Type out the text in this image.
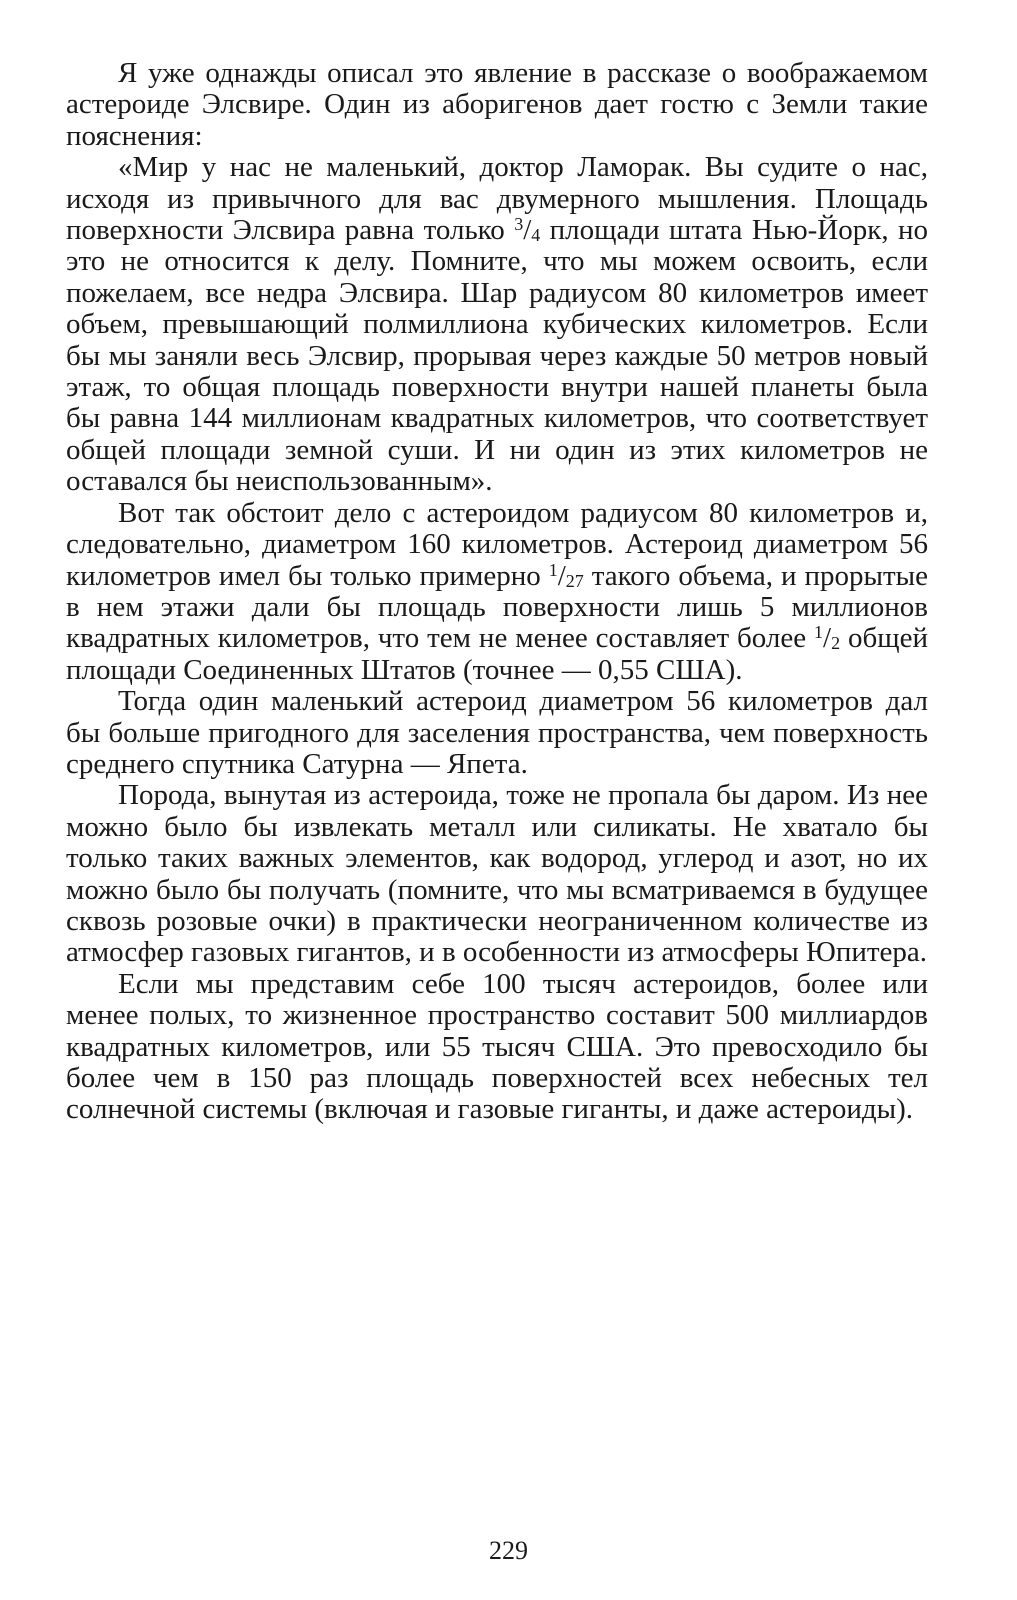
Я уже однажды описал это явление в рассказе о воображаемом астероиде Элсвире. Один из аборигенов дает гостю с Земли такие пояснения:

«Мир у нас не маленький, доктор Ламорак. Вы судите о нас, исходя из привычного для вас двумерного мышления. Площадь поверхности Элсвира равна только $^3/_4$ площади штата Нью-Йорк, но это не относится к делу. Помните, что мы можем освоить, если пожелаем, все недра Элсвира. Шар радиусом 80 километров имеет объем, превышающий полмиллиона кубических километров. Если бы мы заняли весь Элсвир, прорывая через каждые 50 метров новый этаж, то общая площадь поверхности внутри нашей планеты была бы равна 144 миллионам квадратных километров, что соответствует общей площади земной суши. И ни один из этих километров не оставался бы неиспользованным».

Вот так обстоит дело с астероидом радиусом 80 километров и, следовательно, диаметром 160 километров. Астероид диаметром 56 километров имел бы только примерно $^1/_{27}$ такого объема, и прорытые в нем этажи дали бы площадь поверхности лишь 5 миллионов квадратных километров, что тем не менее составляет более $^1/_2$ общей площади Соединенных Штатов (точнее — 0,55 США).

Тогда один маленький астероид диаметром 56 километров дал бы больше пригодного для заселения пространства, чем поверхность среднего спутника Сатурна — Япета.

Порода, вынутая из астероида, тоже не пропала бы даром. Из нее можно было бы извлекать металл или силикаты. Не хватало бы только таких важных элементов, как водород, углерод и азот, но их можно было бы получать (помните, что мы всматриваемся в будущее сквозь розовые очки) в практически неограниченном количестве из атмосфер газовых гигантов, и в особенности из атмосферы Юпитера.

Если мы представим себе 100 тысяч астероидов, более или менее полых, то жизненное пространство составит 500 миллиардов квадратных километров, или 55 тысяч США. Это превосходило бы более чем в 150 раз площадь поверхностей всех небесных тел солнечной системы (включая и газовые гиганты, и даже астероиды).

229
